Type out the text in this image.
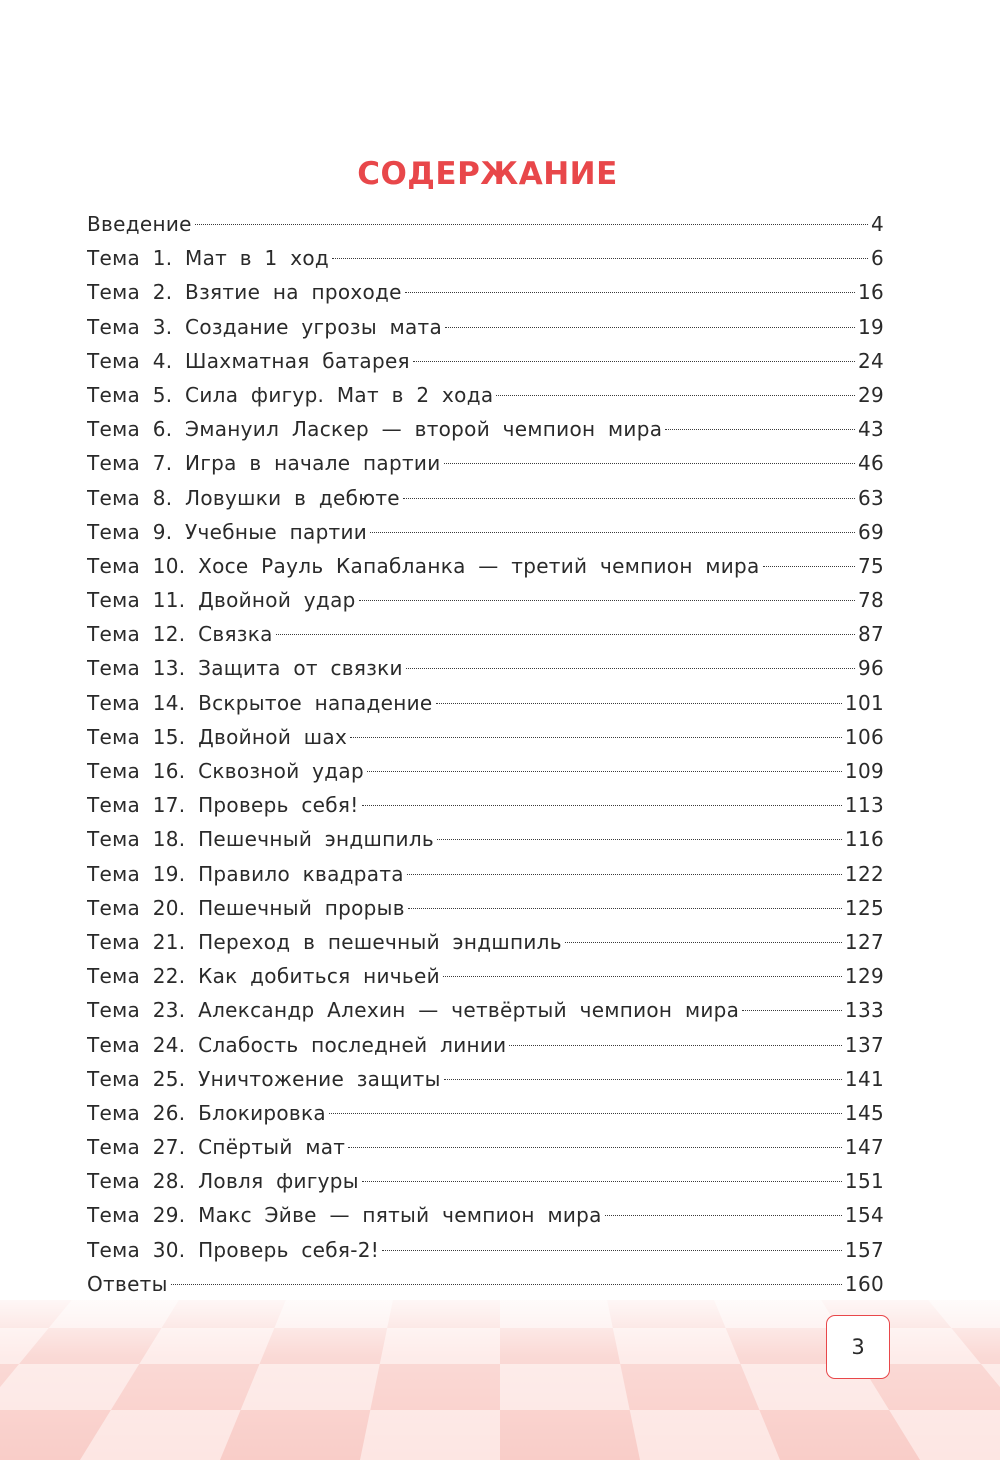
СОДЕРЖАНИЕ
Введение	4
Тема 1. Мат в 1 ход	6
Тема 2. Взятие на проходе	16
Тема 3. Создание угрозы мата	19
Тема 4. Шахматная батарея	24
Тема 5. Сила фигур. Мат в 2 хода	29
Тема 6. Эмануил Ласкер — второй чемпион мира	43
Тема 7. Игра в начале партии	46
Тема 8. Ловушки в дебюте	63
Тема 9. Учебные партии	69
Тема 10. Хосе Рауль Капабланка — третий чемпион мира	75
Тема 11. Двойной удар	78
Тема 12. Связка	87
Тема 13. Защита от связки	96
Тема 14. Вскрытое нападение	101
Тема 15. Двойной шах	106
Тема 16. Сквозной удар	109
Тема 17. Проверь себя!	113
Тема 18. Пешечный эндшпиль	116
Тема 19. Правило квадрата	122
Тема 20. Пешечный прорыв	125
Тема 21. Переход в пешечный эндшпиль	127
Тема 22. Как добиться ничьей	129
Тема 23. Александр Алехин — четвёртый чемпион мира	133
Тема 24. Слабость последней линии	137
Тема 25. Уничтожение защиты	141
Тема 26. Блокировка	145
Тема 27. Спёртый мат	147
Тема 28. Ловля фигуры	151
Тема 29. Макс Эйве — пятый чемпион мира	154
Тема 30. Проверь себя-2!	157
Ответы	160
3
